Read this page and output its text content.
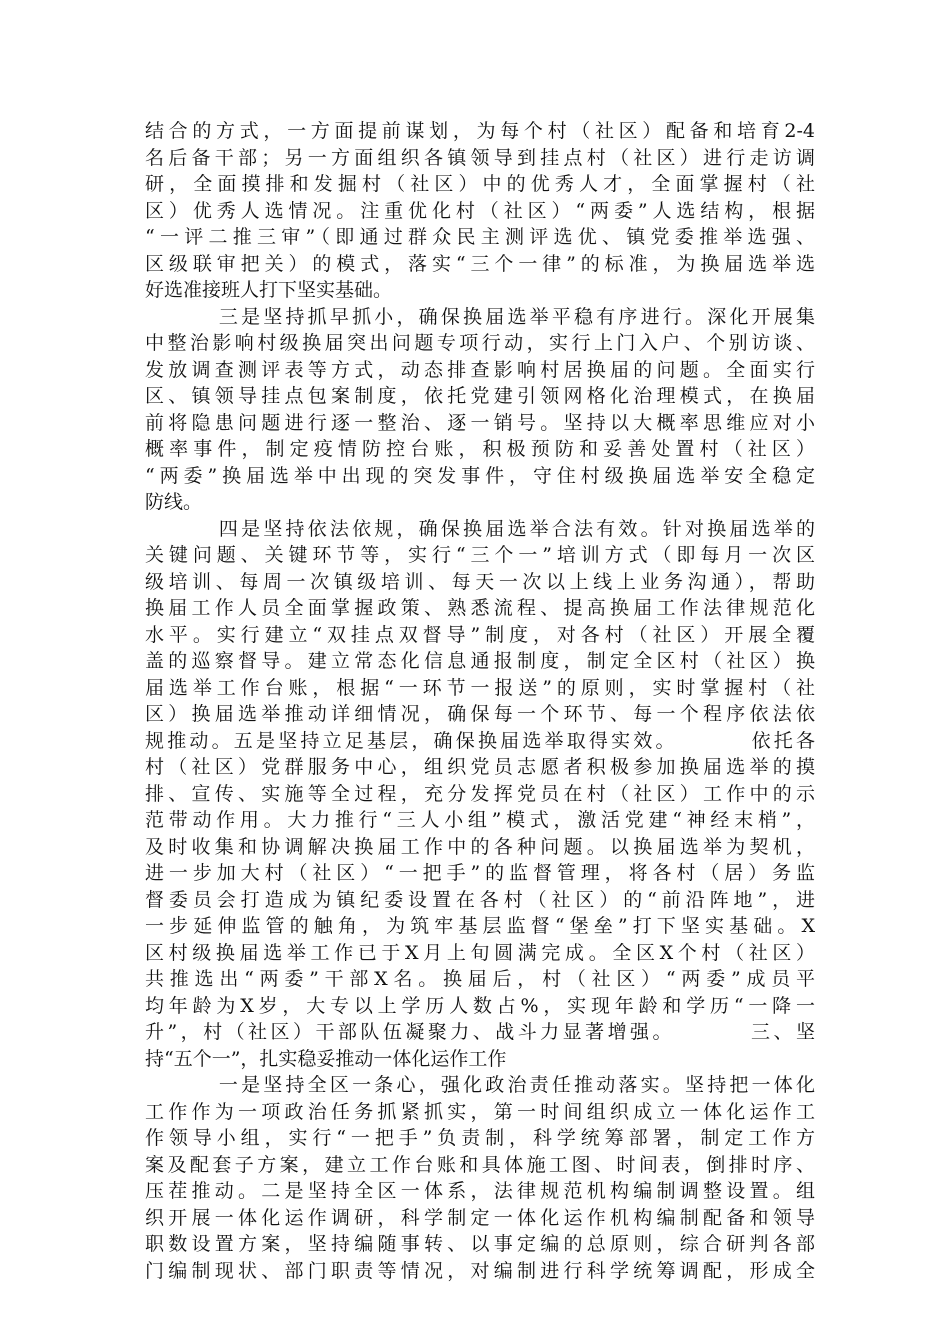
结合的方式，一方面提前谋划，为每个村（社区）配备和培育2-4
名后备干部；另一方面组织各镇领导到挂点村（社区）进行走访调
研，全面摸排和发掘村（社区）中的优秀人才，全面掌握村（社
区）优秀人选情况。注重优化村（社区）“两委”人选结构，根据
“一评二推三审”（即通过群众民主测评选优、镇党委推举选强、
区级联审把关）的模式，落实“三个一律”的标准，为换届选举选
好选准接班人打下坚实基础。
三是坚持抓早抓小，确保换届选举平稳有序进行。深化开展集
中整治影响村级换届突出问题专项行动，实行上门入户、个别访谈、
发放调查测评表等方式，动态排查影响村居换届的问题。全面实行
区、镇领导挂点包案制度，依托党建引领网格化治理模式，在换届
前将隐患问题进行逐一整治、逐一销号。坚持以大概率思维应对小
概率事件，制定疫情防控台账，积极预防和妥善处置村（社区）
“两委”换届选举中出现的突发事件，守住村级换届选举安全稳定
防线。
四是坚持依法依规，确保换届选举合法有效。针对换届选举的
关键问题、关键环节等，实行“三个一”培训方式（即每月一次区
级培训、每周一次镇级培训、每天一次以上线上业务沟通），帮助
换届工作人员全面掌握政策、熟悉流程、提高换届工作法律规范化
水平。实行建立“双挂点双督导”制度，对各村（社区）开展全覆
盖的巡察督导。建立常态化信息通报制度，制定全区村（社区）换
届选举工作台账，根据“一环节一报送”的原则，实时掌握村（社
区）换届选举推动详细情况，确保每一个环节、每一个程序依法依
规推动。五是坚持立足基层，确保换届选举取得实效。        依托各
村（社区）党群服务中心，组织党员志愿者积极参加换届选举的摸
排、宣传、实施等全过程，充分发挥党员在村（社区）工作中的示
范带动作用。大力推行“三人小组”模式，激活党建“神经末梢”，
及时收集和协调解决换届工作中的各种问题。以换届选举为契机，
进一步加大村（社区）“一把手”的监督管理，将各村（居）务监
督委员会打造成为镇纪委设置在各村（社区）的“前沿阵地”，进
一步延伸监管的触角，为筑牢基层监督“堡垒”打下坚实基础。X
区村级换届选举工作已于X月上旬圆满完成。全区X个村（社区）
共推选出“两委”干部X名。换届后，村（社区）“两委”成员平
均年龄为X岁，大专以上学历人数占%，实现年龄和学历“一降一
升”，村（社区）干部队伍凝聚力、战斗力显著增强。        三、坚
持“五个一”，扎实稳妥推动一体化运作工作
一是坚持全区一条心，强化政治责任推动落实。坚持把一体化
工作作为一项政治任务抓紧抓实，第一时间组织成立一体化运作工
作领导小组，实行“一把手”负责制，科学统筹部署，制定工作方
案及配套子方案，建立工作台账和具体施工图、时间表，倒排时序、
压茬推动。二是坚持全区一体系，法律规范机构编制调整设置。组
织开展一体化运作调研，科学制定一体化运作机构编制配备和领导
职数设置方案，坚持编随事转、以事定编的总原则，综合研判各部
门编制现状、部门职责等情况，对编制进行科学统筹调配，形成全
